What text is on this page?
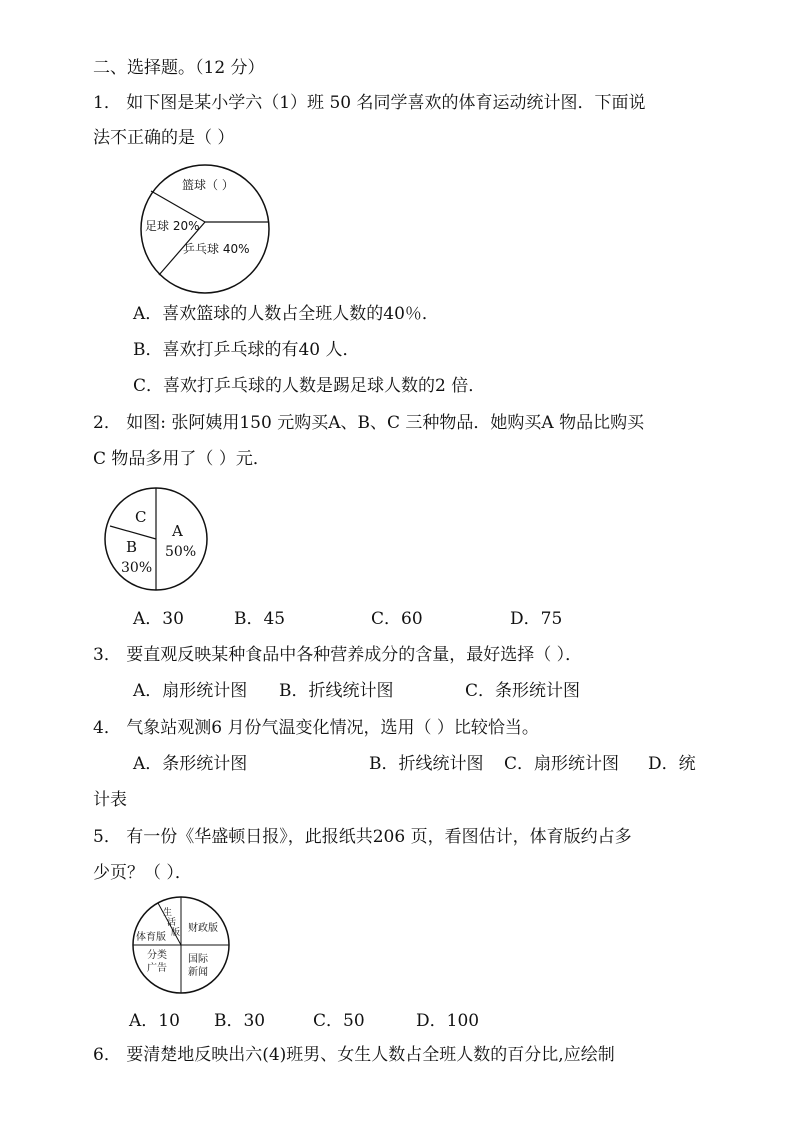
二、选择题。（12 分）
1． 如下图是某小学六（1）班 50 名同学喜欢的体育运动统计图．下面说
法不正确的是（ ）
篮球（ ）
足球 20%
乒乓球 40%
A．喜欢篮球的人数占全班人数的40％．
B．喜欢打乒乓球的有40 人．
C．喜欢打乒乓球的人数是踢足球人数的2 倍．
2． 如图: 张阿姨用150 元购买A、B、C 三种物品．她购买A 物品比购买
C 物品多用了（ ）元．
C
B
30%
A
50%
A．30	B．45	C．60	D．75
3． 要直观反映某种食品中各种营养成分的含量，最好选择（ ）．
A．扇形统计图 B．折线统计图	C．条形统计图
4． 气象站观测6 月份气温变化情况，选用（ ）比较恰当。
A．条形统计图	B．折线统计图 C．扇形统计图 D．统
计表
5． 有一份《华盛顿日报》，此报纸共206 页，看图估计，体育版约占多
少页？（ ）．
生
活
版 财政版
体育版
分类
广告
国际
新闻
A．10 B．30	C．50	D．100
6． 要清楚地反映出六(4)班男、女生人数占全班人数的百分比,应绘制
